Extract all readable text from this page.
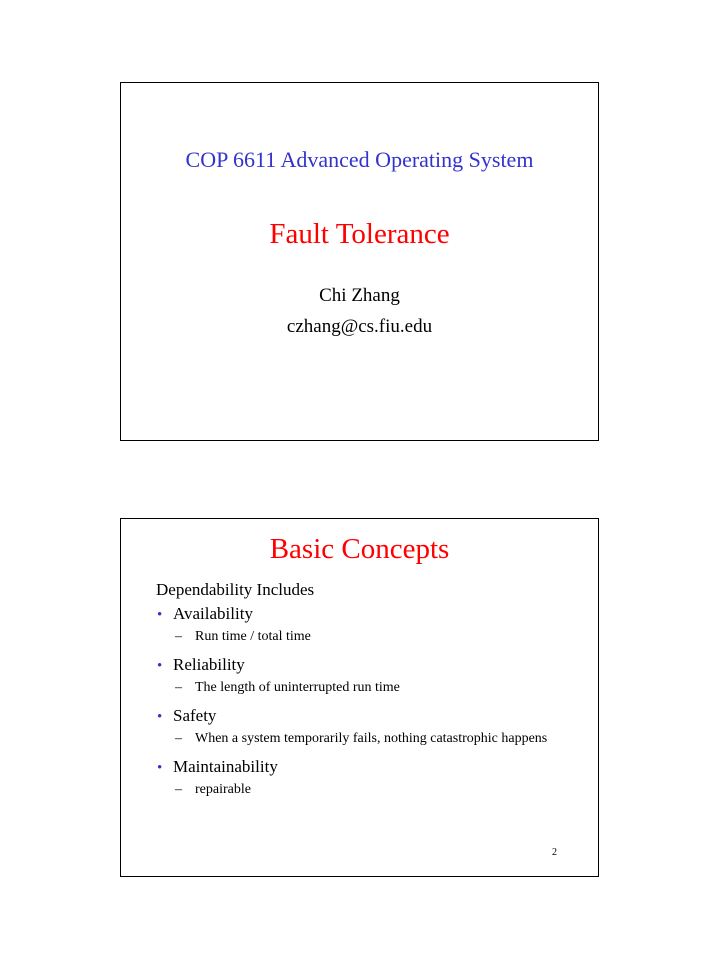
COP 6611 Advanced Operating System
Fault Tolerance
Chi Zhang
czhang@cs.fiu.edu
Basic Concepts
Dependability Includes
• Availability
– Run time / total time
• Reliability
– The length of uninterrupted run time
• Safety
– When a system temporarily fails, nothing catastrophic happens
• Maintainability
– repairable
2
